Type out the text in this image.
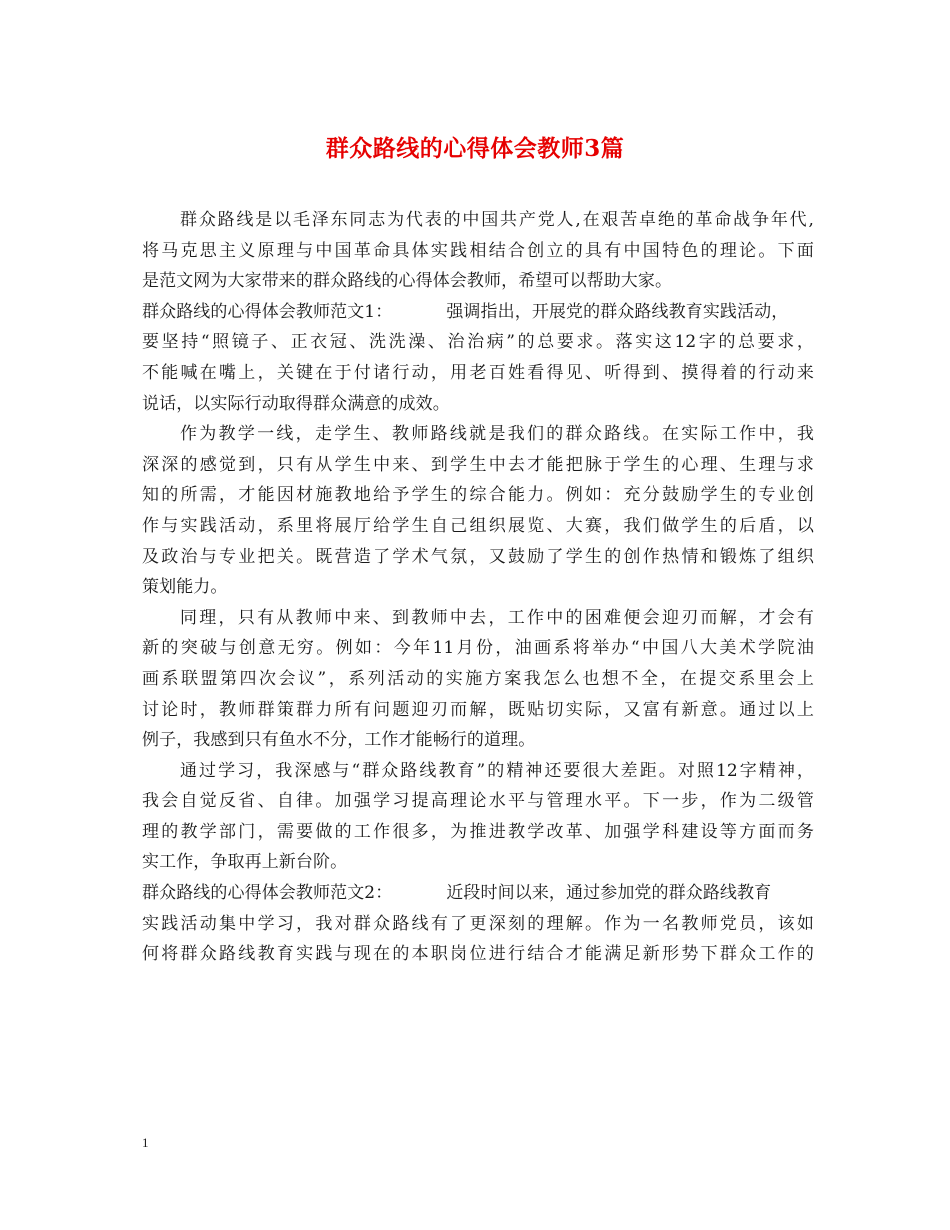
群众路线的心得体会教师3篇
群众路线是以毛泽东同志为代表的中国共产党人,在艰苦卓绝的革命战争年代,
将马克思主义原理与中国革命具体实践相结合创立的具有中国特色的理论。下面
是范文网为大家带来的群众路线的心得体会教师，希望可以帮助大家。
群众路线的心得体会教师范文1：	强调指出，开展党的群众路线教育实践活动，
要坚持“照镜子、正衣冠、洗洗澡、治治病”的总要求。落实这12字的总要求，
不能喊在嘴上，关键在于付诸行动，用老百姓看得见、听得到、摸得着的行动来
说话，以实际行动取得群众满意的成效。
作为教学一线，走学生、教师路线就是我们的群众路线。在实际工作中，我
深深的感觉到，只有从学生中来、到学生中去才能把脉于学生的心理、生理与求
知的所需，才能因材施教地给予学生的综合能力。例如：充分鼓励学生的专业创
作与实践活动，系里将展厅给学生自己组织展览、大赛，我们做学生的后盾，以
及政治与专业把关。既营造了学术气氛，又鼓励了学生的创作热情和锻炼了组织
策划能力。
同理，只有从教师中来、到教师中去，工作中的困难便会迎刃而解，才会有
新的突破与创意无穷。例如：今年11月份，油画系将举办“中国八大美术学院油
画系联盟第四次会议”，系列活动的实施方案我怎么也想不全，在提交系里会上
讨论时，教师群策群力所有问题迎刃而解，既贴切实际，又富有新意。通过以上
例子，我感到只有鱼水不分，工作才能畅行的道理。
通过学习，我深感与“群众路线教育”的精神还要很大差距。对照12字精神，
我会自觉反省、自律。加强学习提高理论水平与管理水平。下一步，作为二级管
理的教学部门，需要做的工作很多，为推进教学改革、加强学科建设等方面而务
实工作，争取再上新台阶。
群众路线的心得体会教师范文2：	近段时间以来，通过参加党的群众路线教育
实践活动集中学习，我对群众路线有了更深刻的理解。作为一名教师党员，该如
何将群众路线教育实践与现在的本职岗位进行结合才能满足新形势下群众工作的
1
